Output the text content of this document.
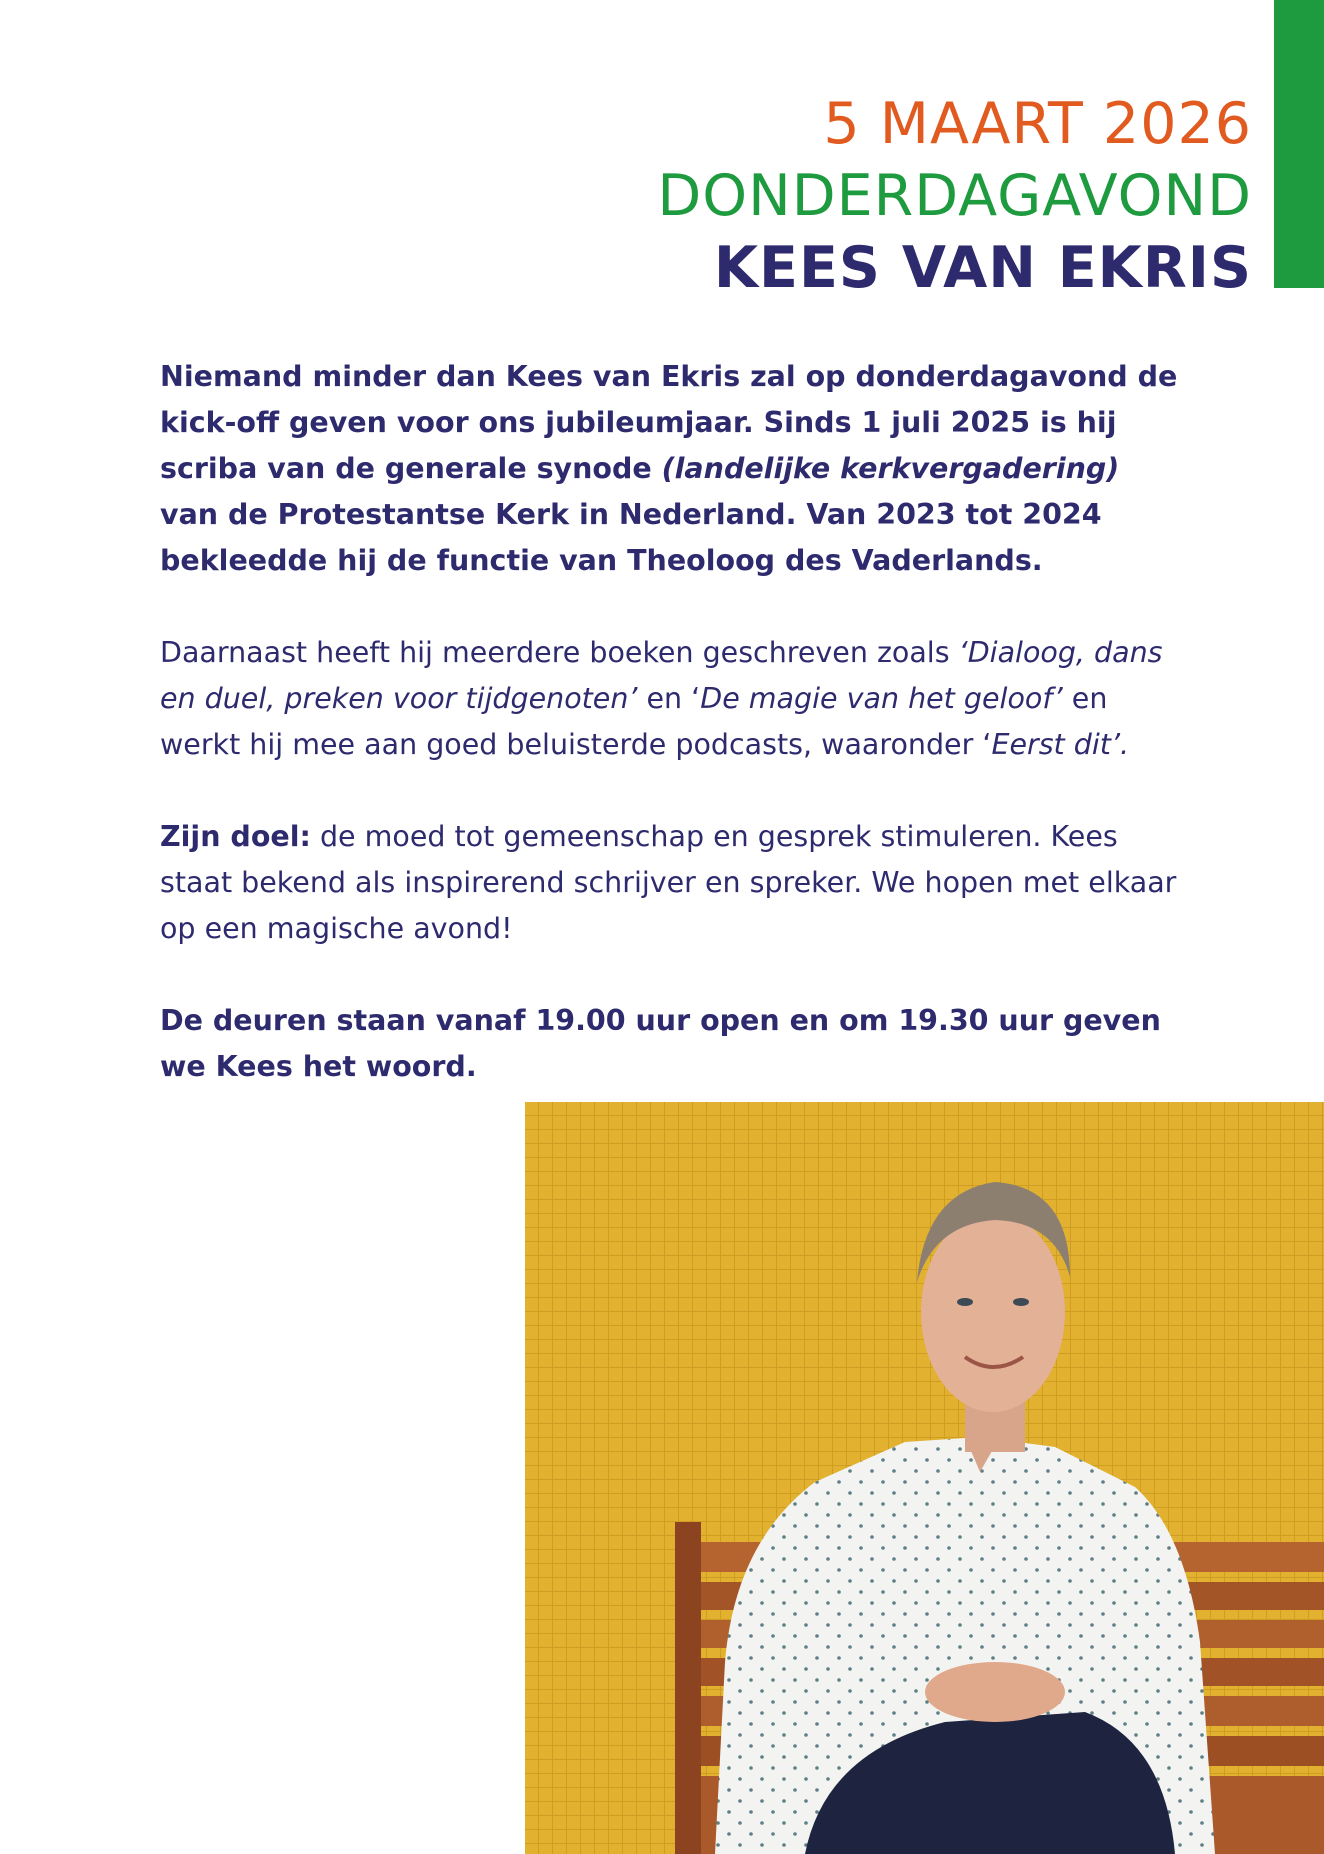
5 MAART 2026
DONDERDAGAVOND
KEES VAN EKRIS

Niemand minder dan Kees van Ekris zal op donderdagavond de kick-off geven voor ons jubileumjaar. Sinds 1 juli 2025 is hij scriba van de generale synode (landelijke kerkvergadering) van de Protestantse Kerk in Nederland. Van 2023 tot 2024 bekleedde hij de functie van Theoloog des Vaderlands.

Daarnaast heeft hij meerdere boeken geschreven zoals ‘Dialoog, dans en duel, preken voor tijdgenoten’ en ‘De magie van het geloof’ en werkt hij mee aan goed beluisterde podcasts, waaronder ‘Eerst dit’.

Zijn doel: de moed tot gemeenschap en gesprek stimuleren. Kees staat bekend als inspirerend schrijver en spreker. We hopen met elkaar op een magische avond!

De deuren staan vanaf 19.00 uur open en om 19.30 uur geven we Kees het woord.
